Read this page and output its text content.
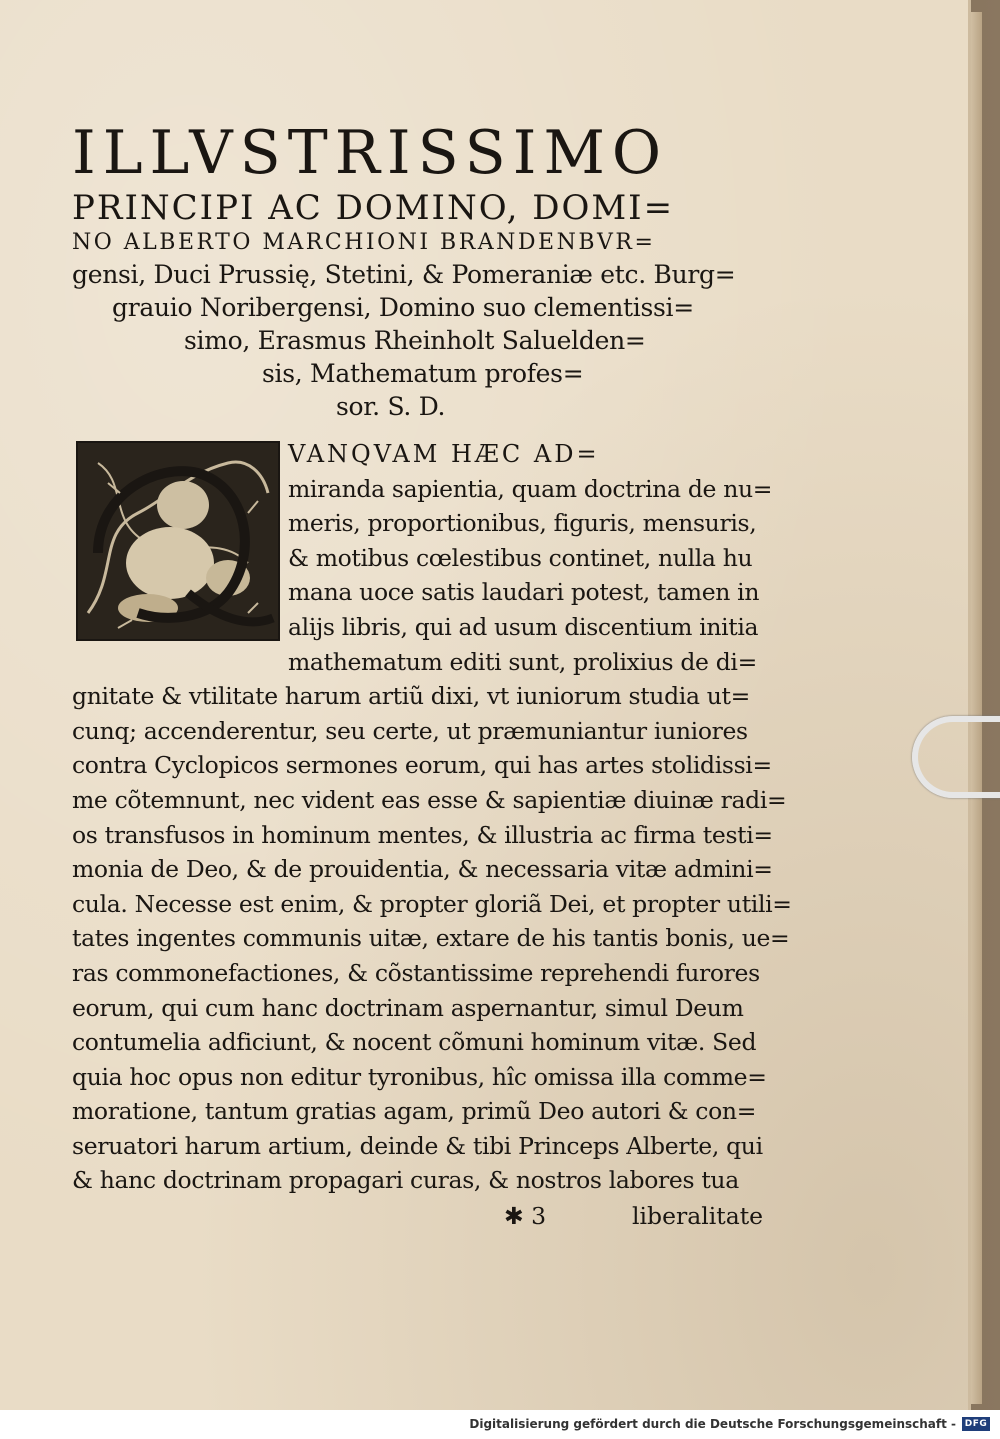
ILLVSTRISSIMO
PRINCIPI AC DOMINO, DOMI=
NO ALBERTO MARCHIONI BRANDENBVR=
gensi, Duci Prussię, Stetini, & Pomeraniæ etc. Burg=
grauio Noribergensi, Domino suo clementissi=
simo, Erasmus Rheinholt Saluelden=
sis, Mathematum profes=
sor. S. D.
VANQVAM HÆC AD=
miranda sapientia, quam doctrina de nu=
meris, proportionibus, figuris, mensuris,
& motibus cœlestibus continet, nulla hu
mana uoce satis laudari potest, tamen in
alijs libris, qui ad usum discentium initia
mathematum editi sunt, prolixius de di=
gnitate & vtilitate harum artiũ dixi, vt iuniorum studia ut=
cunq; accenderentur, seu certe, ut præmuniantur iuniores
contra Cyclopicos sermones eorum, qui has artes stolidissi=
me cõtemnunt, nec vident eas esse & sapientiæ diuinæ radi=
os transfusos in hominum mentes, & illustria ac firma testi=
monia de Deo, & de prouidentia, & necessaria vitæ admini=
cula. Necesse est enim, & propter gloriã Dei, et propter utili=
tates ingentes communis uitæ, extare de his tantis bonis, ue=
ras commonefactiones, & cõstantissime reprehendi furores
eorum, qui cum hanc doctrinam aspernantur, simul Deum
contumelia adficiunt, & nocent cõmuni hominum vitæ. Sed
quia hoc opus non editur tyronibus, hîc omissa illa comme=
moratione, tantum gratias agam, primũ Deo autori & con=
seruatori harum artium, deinde & tibi Princeps Alberte, qui
& hanc doctrinam propagari curas, & nostros labores tua
✱ 3	liberalitate
Digitalisierung gefördert durch die Deutsche Forschungsgemeinschaft - DFG
